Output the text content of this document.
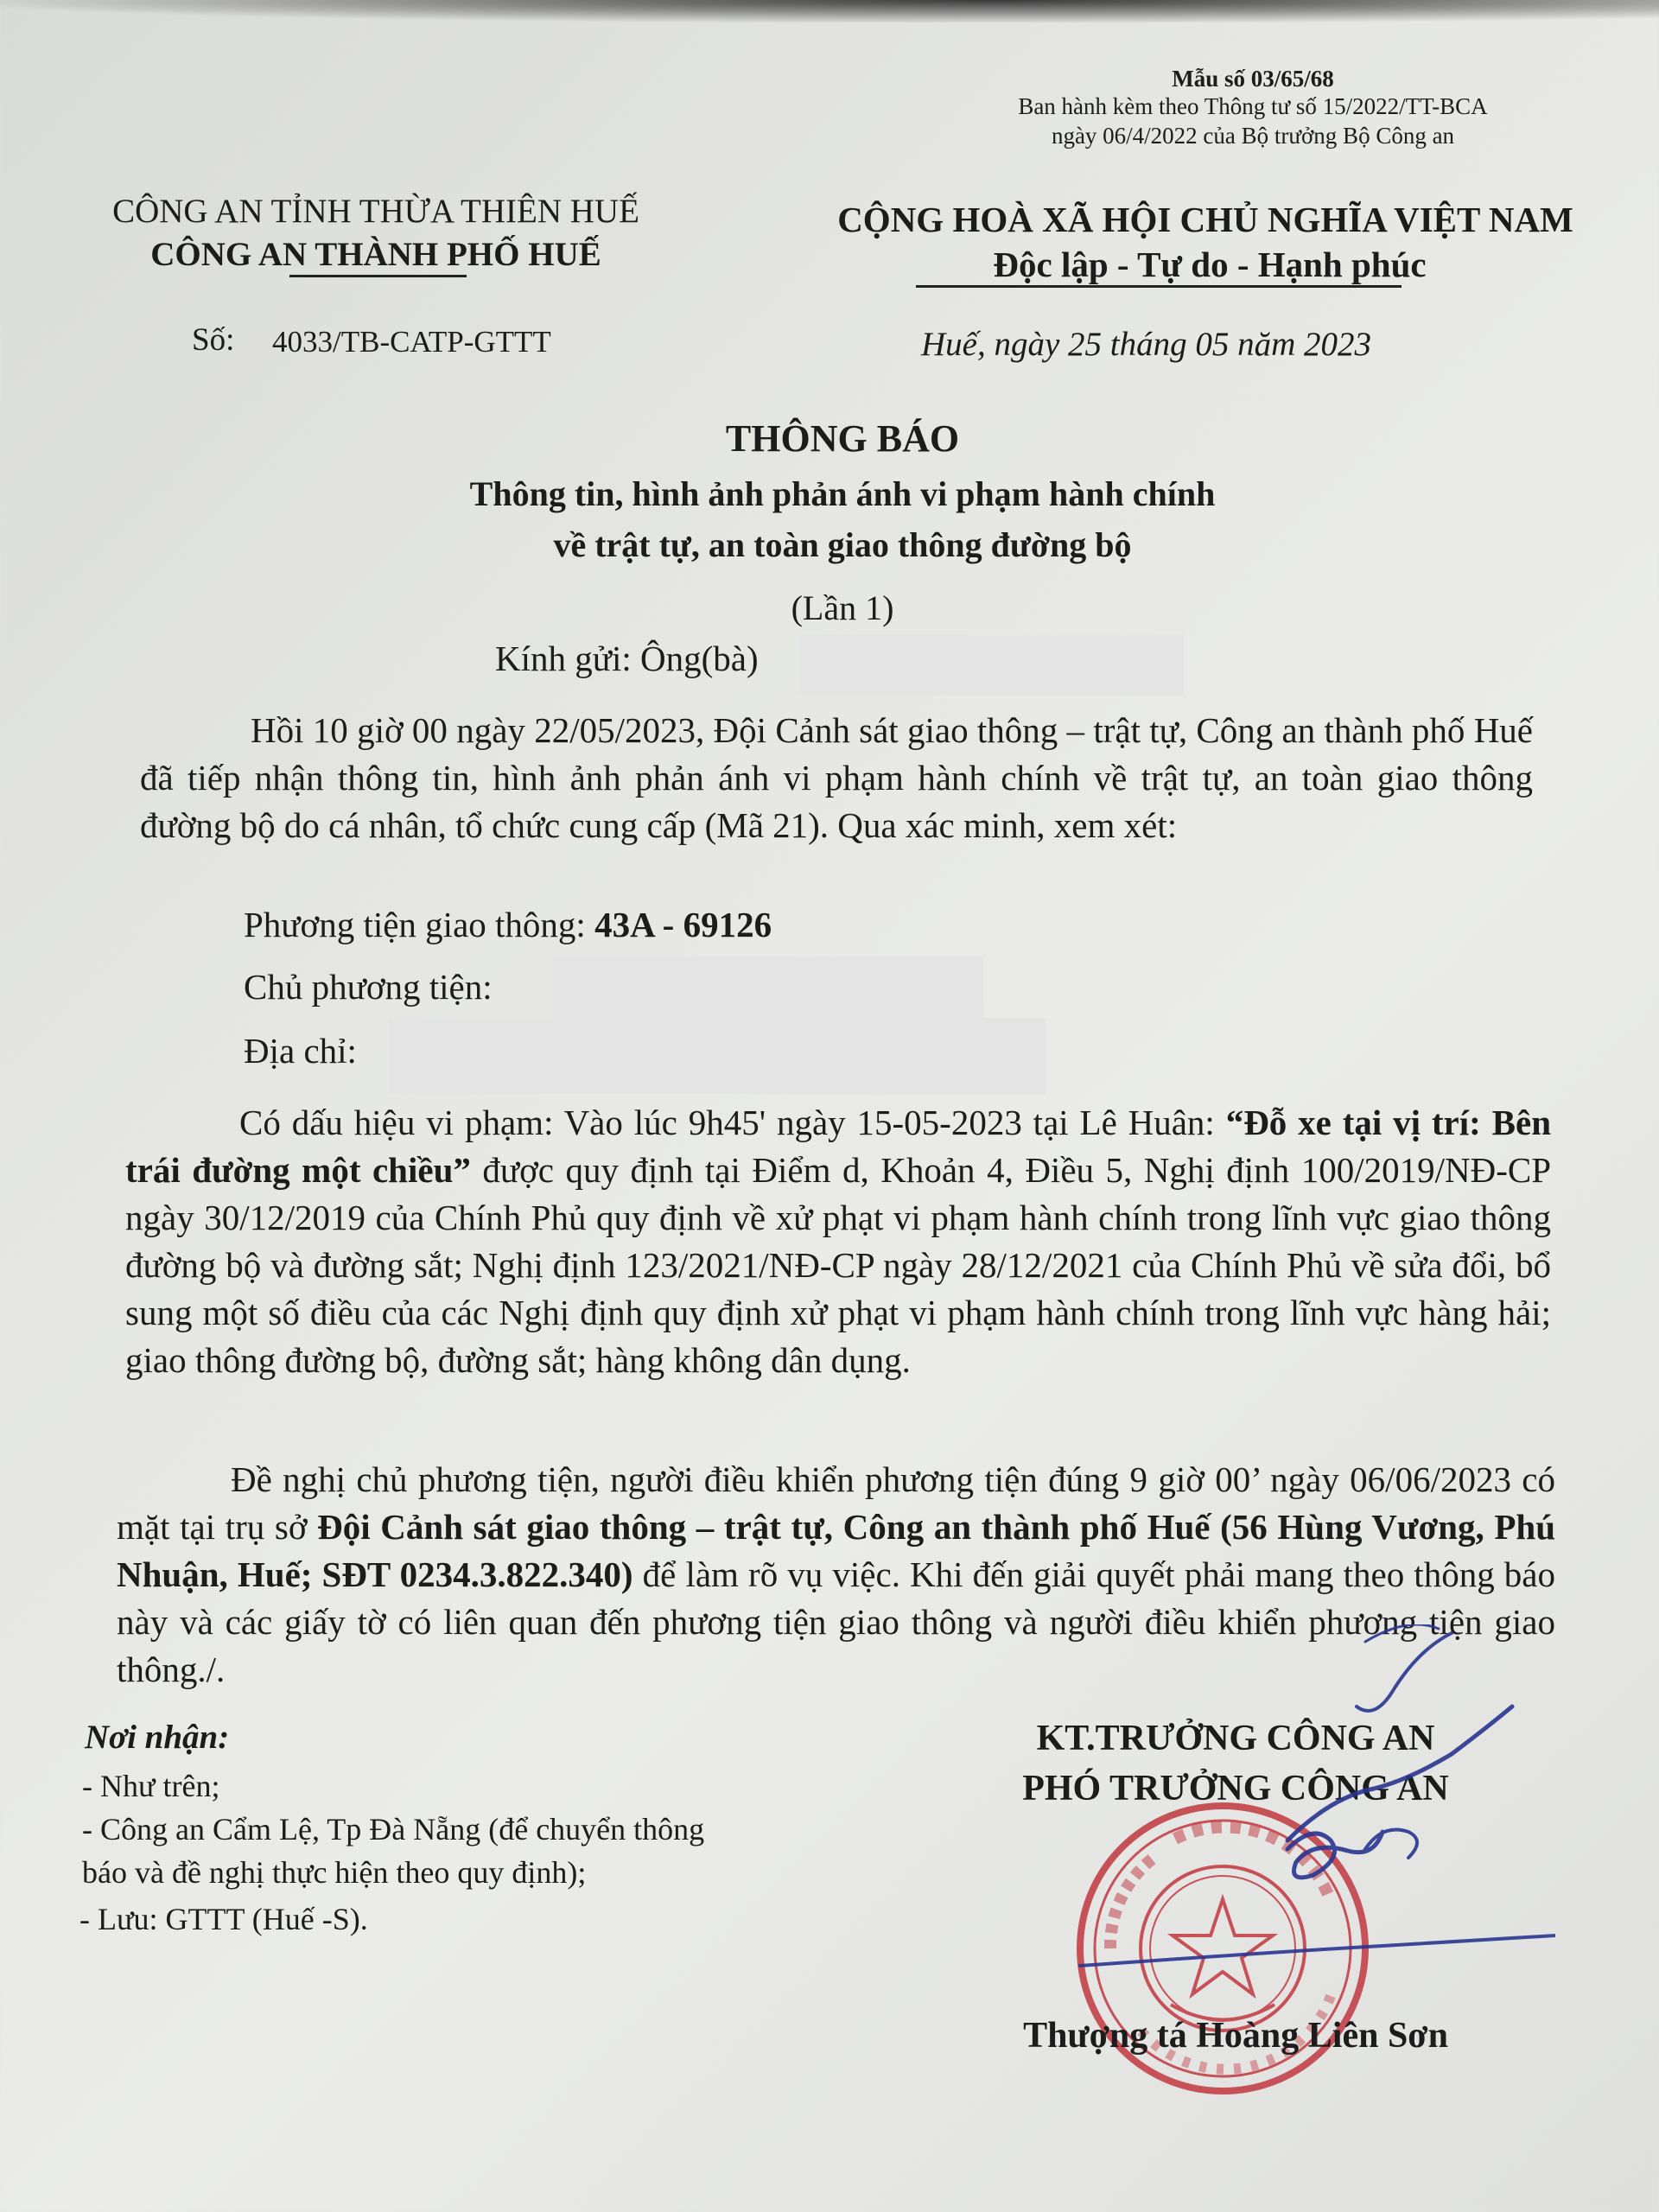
Mẫu số 03/65/68
Ban hành kèm theo Thông tư số 15/2022/TT-BCA
ngày 06/4/2022 của Bộ trưởng Bộ Công an
CÔNG AN TỈNH THỪA THIÊN HUẾ
CÔNG AN THÀNH PHỐ HUẾ
Số: 4033/TB-CATP-GTTT
CỘNG HOÀ XÃ HỘI CHỦ NGHĨA VIỆT NAM
Độc lập - Tự do - Hạnh phúc
Huế, ngày 25 tháng 05 năm 2023
THÔNG BÁO
Thông tin, hình ảnh phản ánh vi phạm hành chính
về trật tự, an toàn giao thông đường bộ
(Lần 1)
Kính gửi: Ông(bà)
Hồi 10 giờ 00 ngày 22/05/2023, Đội Cảnh sát giao thông – trật tự, Công an thành phố Huế đã tiếp nhận thông tin, hình ảnh phản ánh vi phạm hành chính về trật tự, an toàn giao thông đường bộ do cá nhân, tổ chức cung cấp (Mã 21). Qua xác minh, xem xét:
Phương tiện giao thông: 43A - 69126
Chủ phương tiện:
Địa chỉ:
Có dấu hiệu vi phạm: Vào lúc 9h45' ngày 15-05-2023 tại Lê Huân: “Đỗ xe tại vị trí: Bên trái đường một chiều” được quy định tại Điểm d, Khoản 4, Điều 5, Nghị định 100/2019/NĐ-CP ngày 30/12/2019 của Chính Phủ quy định về xử phạt vi phạm hành chính trong lĩnh vực giao thông đường bộ và đường sắt; Nghị định 123/2021/NĐ-CP ngày 28/12/2021 của Chính Phủ về sửa đổi, bổ sung một số điều của các Nghị định quy định xử phạt vi phạm hành chính trong lĩnh vực hàng hải; giao thông đường bộ, đường sắt; hàng không dân dụng.
Đề nghị chủ phương tiện, người điều khiển phương tiện đúng 9 giờ 00’ ngày 06/06/2023 có mặt tại trụ sở Đội Cảnh sát giao thông – trật tự, Công an thành phố Huế (56 Hùng Vương, Phú Nhuận, Huế; SĐT 0234.3.822.340) để làm rõ vụ việc. Khi đến giải quyết phải mang theo thông báo này và các giấy tờ có liên quan đến phương tiện giao thông và người điều khiển phương tiện giao thông./.
Nơi nhận:
- Như trên;
- Công an Cẩm Lệ, Tp Đà Nẵng (để chuyển thông
báo và đề nghị thực hiện theo quy định);
- Lưu: GTTT (Huế -S).
KT.TRƯỞNG CÔNG AN
PHÓ TRƯỞNG CÔNG AN
Thượng tá Hoàng Liên Sơn
